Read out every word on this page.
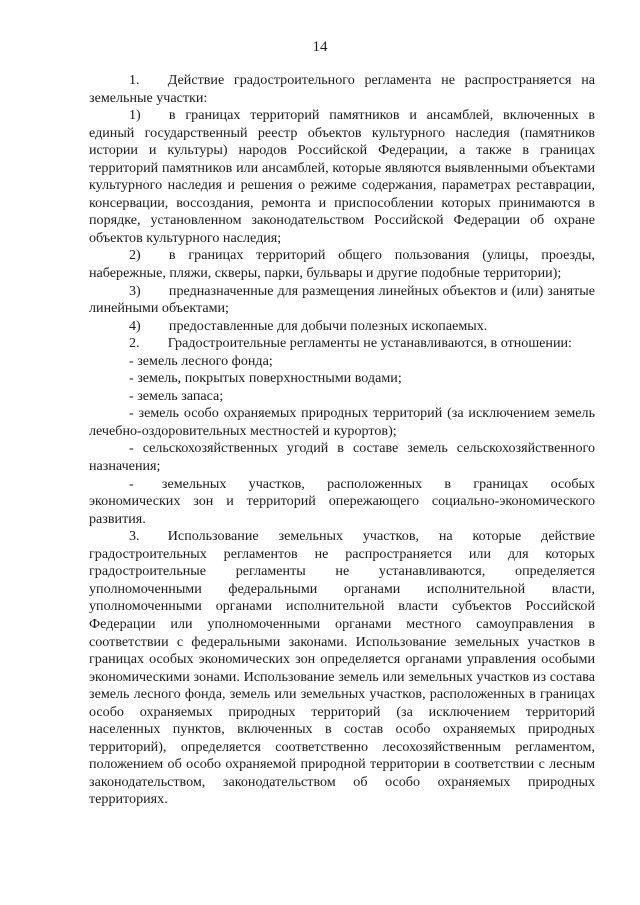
14

1.  Действие градостроительного регламента не распространяется на земельные участки:

1)  в границах территорий памятников и ансамблей, включенных в единый государственный реестр объектов культурного наследия (памятников истории и культуры) народов Российской Федерации, а также в границах территорий памятников или ансамблей, которые являются выявленными объектами культурного наследия и решения о режиме содержания, параметрах реставрации, консервации, воссоздания, ремонта и приспособлении которых принимаются в порядке, установленном законодательством Российской Федерации об охране объектов культурного наследия;

2)  в границах территорий общего пользования (улицы, проезды, набережные, пляжи, скверы, парки, бульвары и другие подобные территории);

3)  предназначенные для размещения линейных объектов и (или) занятые линейными объектами;

4)  предоставленные для добычи полезных ископаемых.

2.  Градостроительные регламенты не устанавливаются, в отношении:

- земель лесного фонда;

- земель, покрытых поверхностными водами;

- земель запаса;

- земель особо охраняемых природных территорий (за исключением земель лечебно-оздоровительных местностей и курортов);

- сельскохозяйственных угодий в составе земель сельскохозяйственного назначения;

-  земельных участков, расположенных в границах особых экономических зон и территорий опережающего социально-экономического развития.

3.  Использование земельных участков, на которые действие градостроительных регламентов не распространяется или для которых градостроительные регламенты не устанавливаются, определяется уполномоченными федеральными органами исполнительной власти, уполномоченными органами исполнительной власти субъектов Российской Федерации или уполномоченными органами местного самоуправления в соответствии с федеральными законами. Использование земельных участков в границах особых экономических зон определяется органами управления особыми экономическими зонами. Использование земель или земельных участков из состава земель лесного фонда, земель или земельных участков, расположенных в границах особо охраняемых природных территорий (за исключением территорий населенных пунктов, включенных в состав особо охраняемых природных территорий), определяется соответственно лесохозяйственным регламентом, положением об особо охраняемой природной территории в соответствии с лесным законодательством, законодательством об особо охраняемых природных территориях.
